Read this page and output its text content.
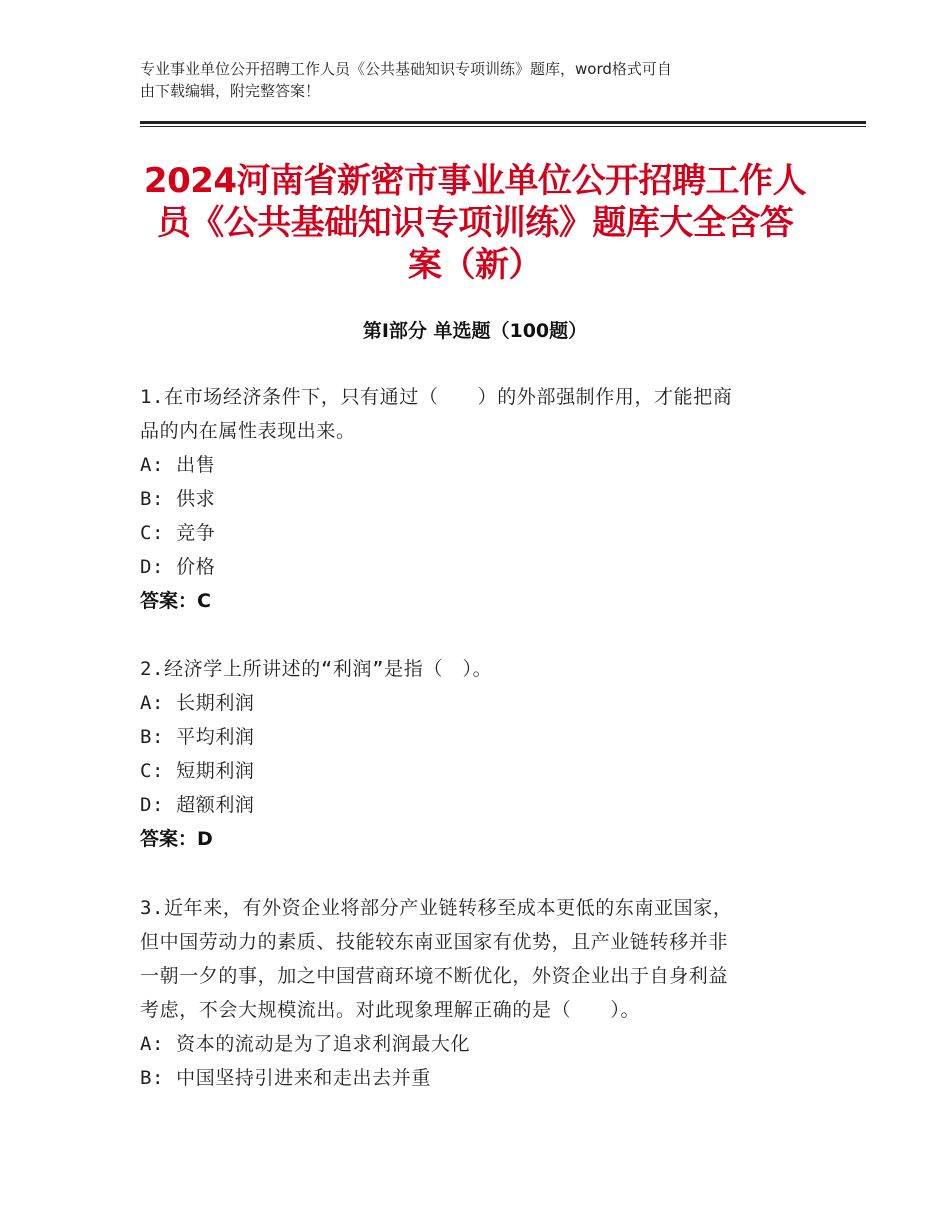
专业事业单位公开招聘工作人员《公共基础知识专项训练》题库，word格式可自
由下载编辑，附完整答案！
2024河南省新密市事业单位公开招聘工作人
员《公共基础知识专项训练》题库大全含答
案（新）
第Ⅰ部分 单选题（100题）
1.在市场经济条件下，只有通过（　　）的外部强制作用，才能把商
品的内在属性表现出来。
A: 出售
B: 供求
C: 竞争
D: 价格
答案：C
2.经济学上所讲述的“利润”是指（　）。
A: 长期利润
B: 平均利润
C: 短期利润
D: 超额利润
答案：D
3.近年来，有外资企业将部分产业链转移至成本更低的东南亚国家，
但中国劳动力的素质、技能较东南亚国家有优势，且产业链转移并非
一朝一夕的事，加之中国营商环境不断优化，外资企业出于自身利益
考虑，不会大规模流出。对此现象理解正确的是（　　）。
A: 资本的流动是为了追求利润最大化
B: 中国坚持引进来和走出去并重
